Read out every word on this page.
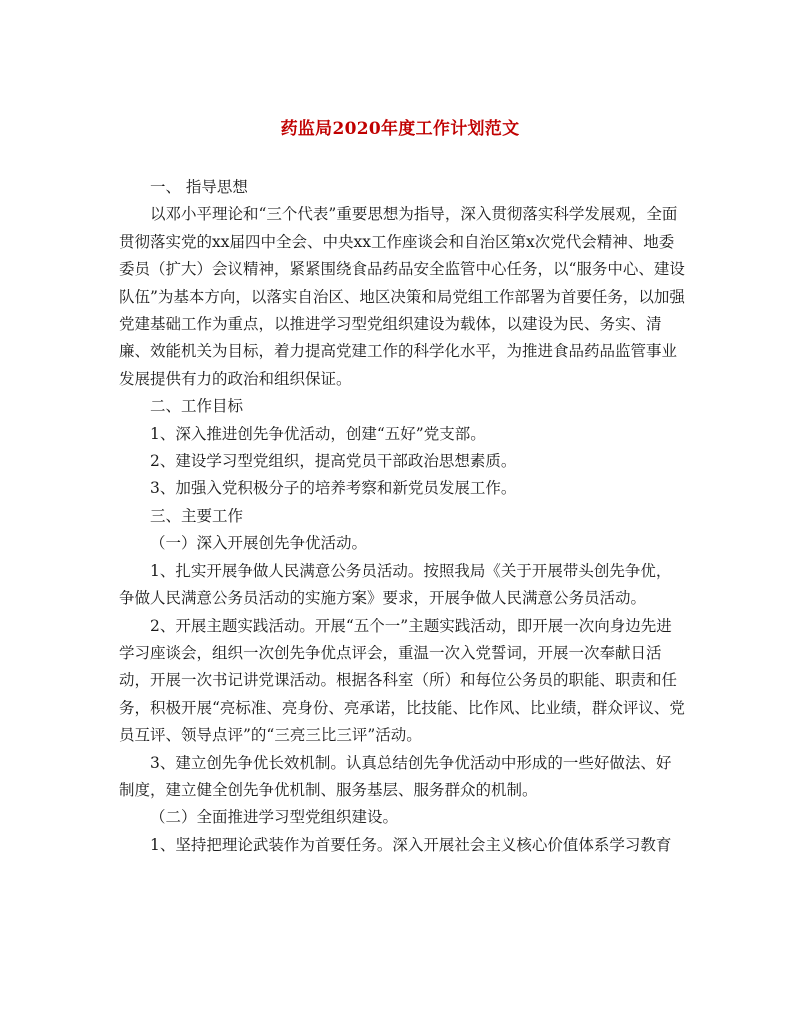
药监局2020年度工作计划范文

一、 指导思想

以邓小平理论和“三个代表”重要思想为指导，深入贯彻落实科学发展观，全面贯彻落实党的xx届四中全会、中央xx工作座谈会和自治区第x次党代会精神、地委委员（扩大）会议精神，紧紧围绕食品药品安全监管中心任务，以“服务中心、建设队伍”为基本方向，以落实自治区、地区决策和局党组工作部署为首要任务，以加强党建基础工作为重点，以推进学习型党组织建设为载体，以建设为民、务实、清廉、效能机关为目标，着力提高党建工作的科学化水平，为推进食品药品监管事业发展提供有力的政治和组织保证。

二、工作目标

1、深入推进创先争优活动，创建“五好”党支部。

2、建设学习型党组织，提高党员干部政治思想素质。

3、加强入党积极分子的培养考察和新党员发展工作。

三、主要工作

（一）深入开展创先争优活动。

1、扎实开展争做人民满意公务员活动。按照我局《关于开展带头创先争优，争做人民满意公务员活动的实施方案》要求，开展争做人民满意公务员活动。

2、开展主题实践活动。开展“五个一”主题实践活动，即开展一次向身边先进学习座谈会，组织一次创先争优点评会，重温一次入党誓词，开展一次奉献日活动，开展一次书记讲党课活动。根据各科室（所）和每位公务员的职能、职责和任务，积极开展“亮标准、亮身份、亮承诺，比技能、比作风、比业绩，群众评议、党员互评、领导点评”的“三亮三比三评”活动。

3、建立创先争优长效机制。认真总结创先争优活动中形成的一些好做法、好制度，建立健全创先争优机制、服务基层、服务群众的机制。

（二）全面推进学习型党组织建设。

1、坚持把理论武装作为首要任务。深入开展社会主义核心价值体系学习教育
